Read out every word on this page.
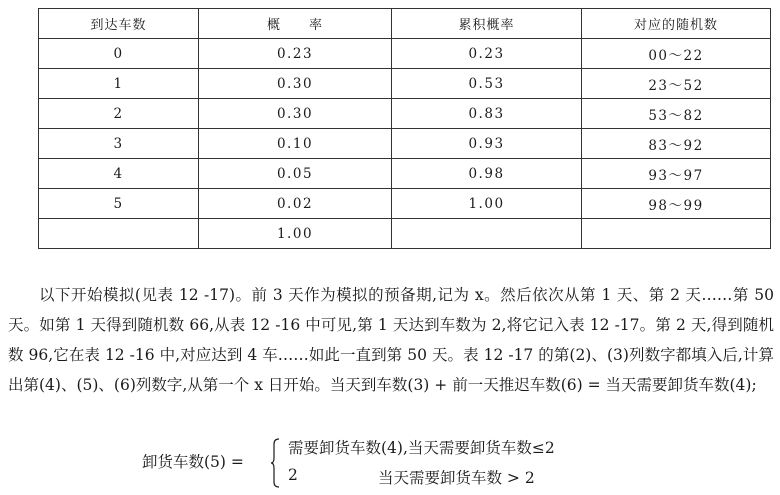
到达车数	概　　率	累积概率	对应的随机数
0	0.23	0.23	00～22
1	0.30	0.53	23～52
2	0.30	0.83	53～82
3	0.10	0.93	83～92
4	0.05	0.98	93～97
5	0.02	1.00	98～99
	1.00		

以下开始模拟(见表 12 -17)。前 3 天作为模拟的预备期,记为 x。然后依次从第 1 天、第 2 天……第 50 天。如第 1 天得到随机数 66,从表 12 -16 中可见,第 1 天达到车数为 2,将它记入表 12 -17。第 2 天,得到随机数 96,它在表 12 -16 中,对应达到 4 车……如此一直到第 50 天。表 12 -17 的第(2)、(3)列数字都填入后,计算出第(4)、(5)、(6)列数字,从第一个 x 日开始。当天到车数(3) + 前一天推迟车数(6) = 当天需要卸货车数(4);

卸货车数(5) =
需要卸货车数(4),当天需要卸货车数≤2
2	当天需要卸货车数 > 2
